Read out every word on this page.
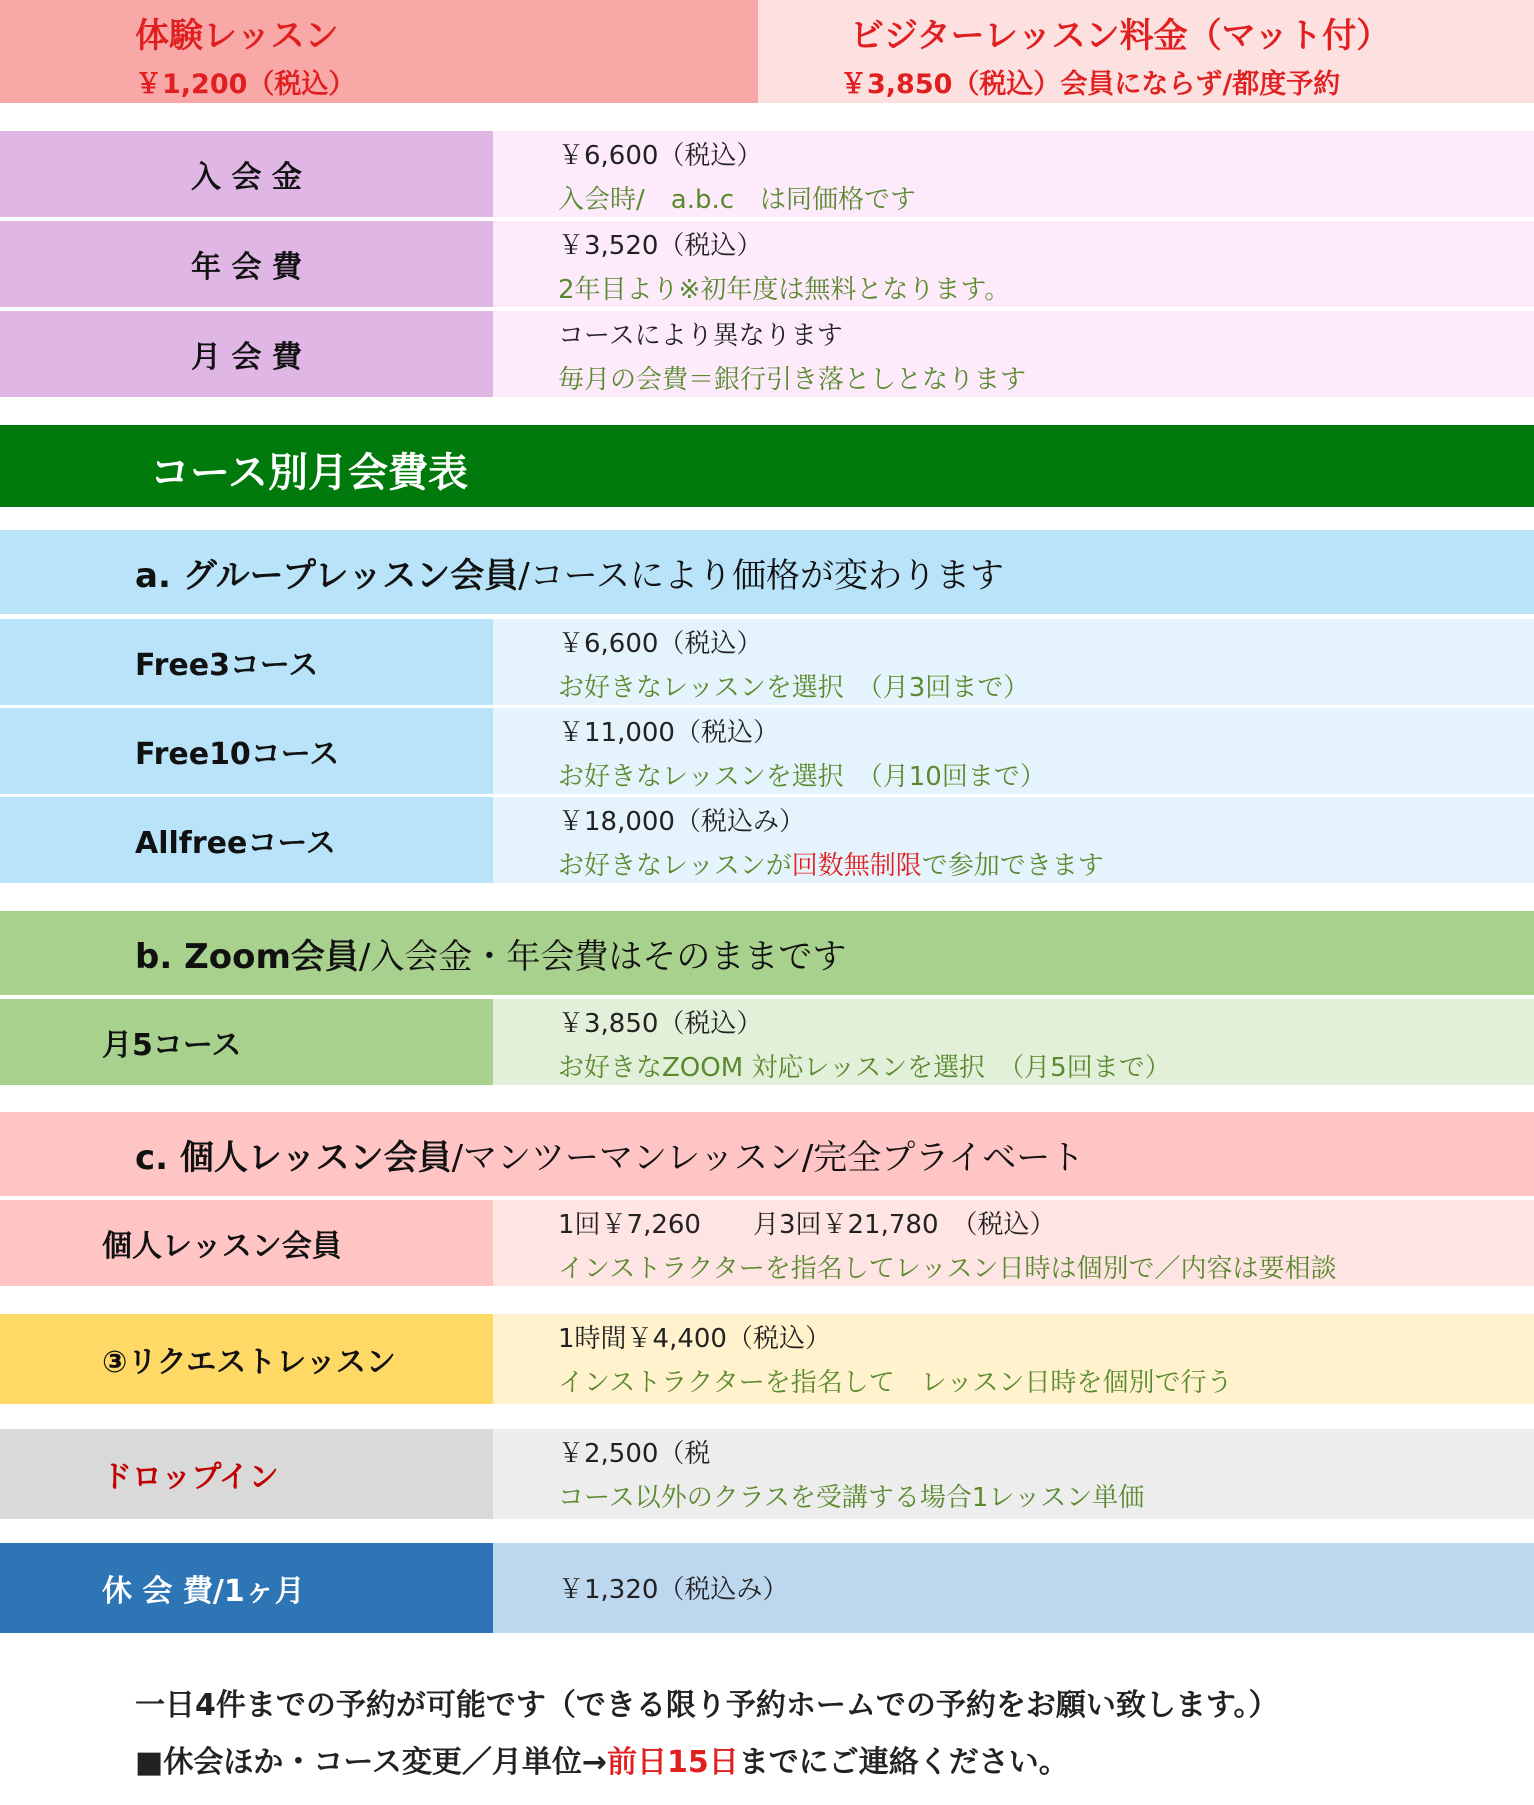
体験レッスン
￥1,200（税込）
ビジターレッスン料金（マット付）
￥3,850（税込）会員にならず/都度予約
入 会 金
￥6,600（税込）
入会時/　a.b.c　は同価格です
年 会 費
￥3,520（税込）
2年目より※初年度は無料となります。
月 会 費
コースにより異なります
毎月の会費＝銀行引き落としとなります
コース別月会費表
a. グループレッスン会員 /コースにより価格が変わります
Free3コース
￥6,600（税込）
お好きなレッスンを選択　（月3回まで）
Free10コース
￥11,000（税込）
お好きなレッスンを選択　（月10回まで）
Allfreeコース
￥18,000（税込み）
お好きなレッスンが回数無制限で参加できます
b. Zoom会員 /入会金・年会費はそのままです
月5コース
￥3,850（税込）
お好きなZOOM 対応レッスンを選択　（月5回まで）
c. 個人レッスン会員 /マンツーマンレッスン/完全プライベート
個人レッスン会員
1回￥7,260　　月3回￥21,780　（税込）
インストラクターを指名してレッスン日時は個別で／内容は要相談
③リクエストレッスン
1時間￥4,400（税込）
インストラクターを指名して　レッスン日時を個別で行う
ドロップイン
￥2,500（税
コース以外のクラスを受講する場合1レッスン単価
休 会 費/1ヶ月	￥1,320（税込み）
一日4件までの予約が可能です（できる限り予約ホームでの予約をお願い致します。）
■休会ほか・コース変更／月単位→前日15日までにご連絡ください。
